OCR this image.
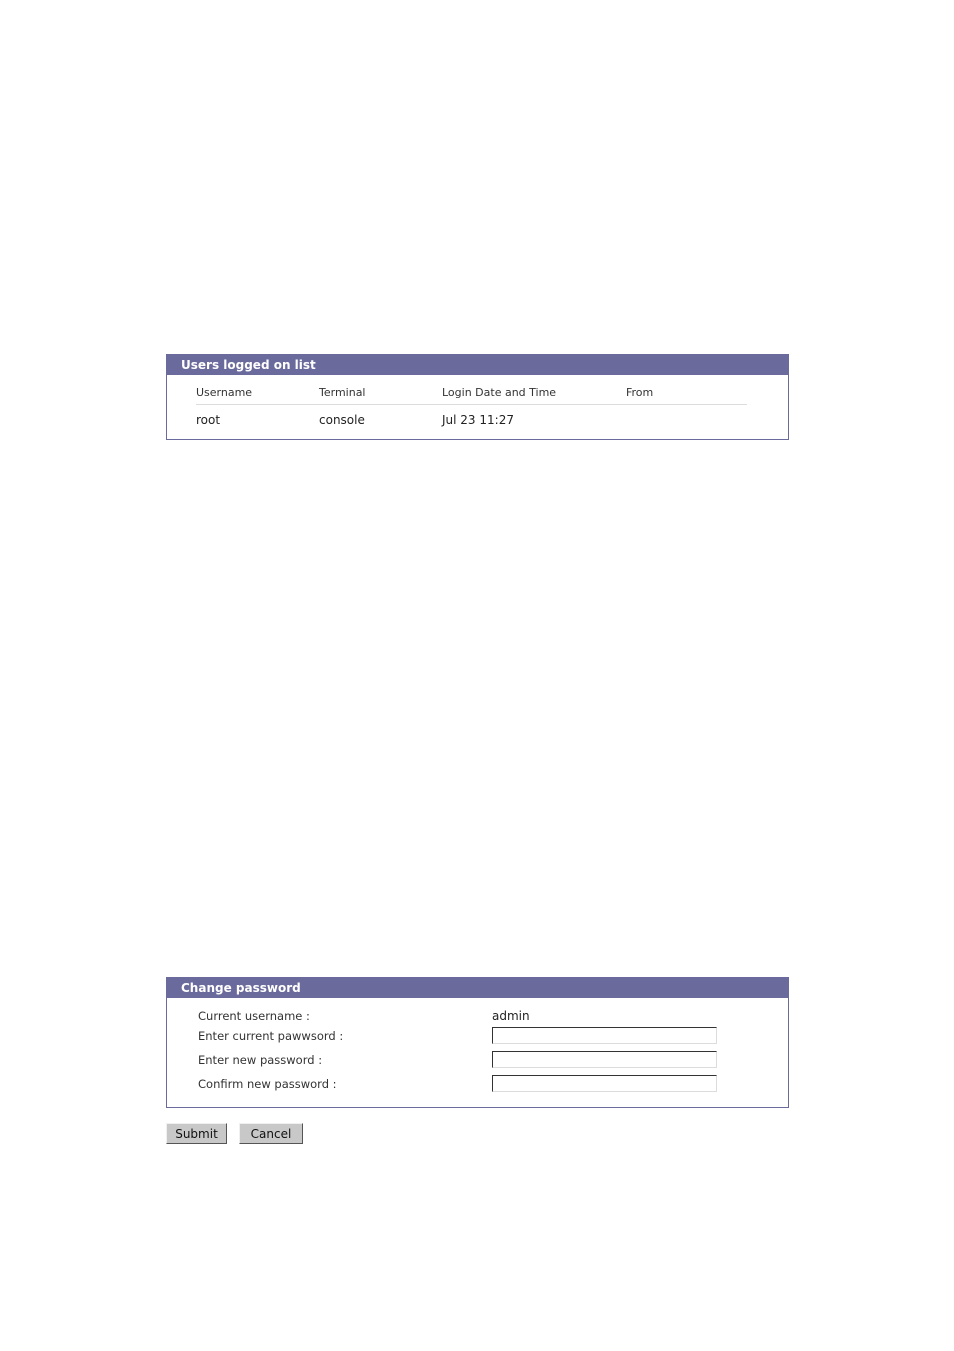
Users logged on list
Username	Terminal	Login Date and Time	From
root	console	Jul 23 11:27
Change password
Current username :	admin
Enter current pawwsord :
Enter new password :
Confirm new password :
Submit	Cancel
